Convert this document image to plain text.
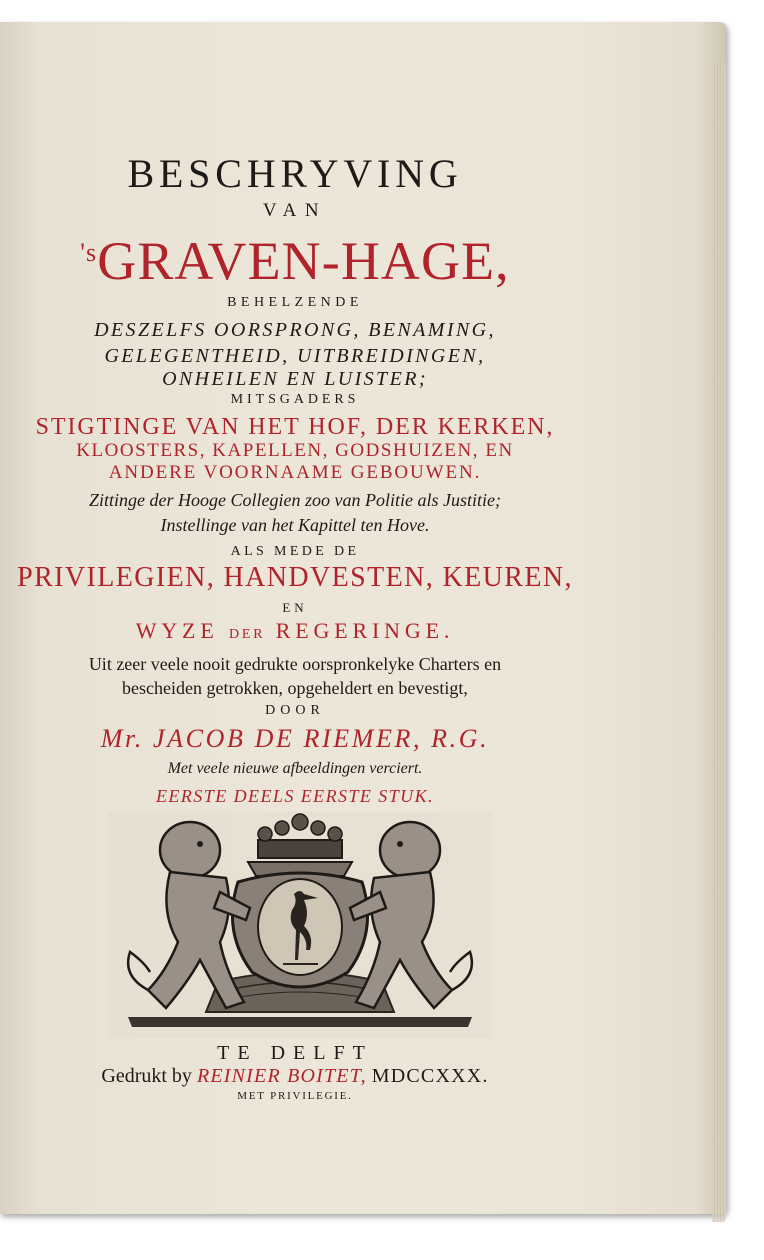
BESCHRYVING
VAN
$^{'s}$GRAVEN-HAGE,
BEHELZENDE
DESZELFS OORSPRONG, BENAMING,
GELEGENTHEID, UITBREIDINGEN,
ONHEILEN EN LUISTER;
MITSGADERS
STIGTINGE VAN HET HOF, DER KERKEN,
KLOOSTERS, KAPELLEN, GODSHUIZEN, EN
ANDERE VOORNAAME GEBOUWEN.
Zittinge der Hooge Collegien zoo van Politie als Justitie;
Instellinge van het Kapittel ten Hove.
ALS MEDE DE
PRIVILEGIEN, HANDVESTEN, KEUREN,
EN
WYZE DER REGERINGE.
Uit zeer veele nooit gedrukte oorspronkelyke Charters en
bescheiden getrokken, opgeheldert en bevestigt,
DOOR
Mr. JACOB DE RIEMER, R.G.
Met veele nieuwe afbeeldingen verciert.
EERSTE DEELS EERSTE STUK.
TE DELFT
Gedrukt by REINIER BOITET, MDCCXXX.
MET PRIVILEGIE.
